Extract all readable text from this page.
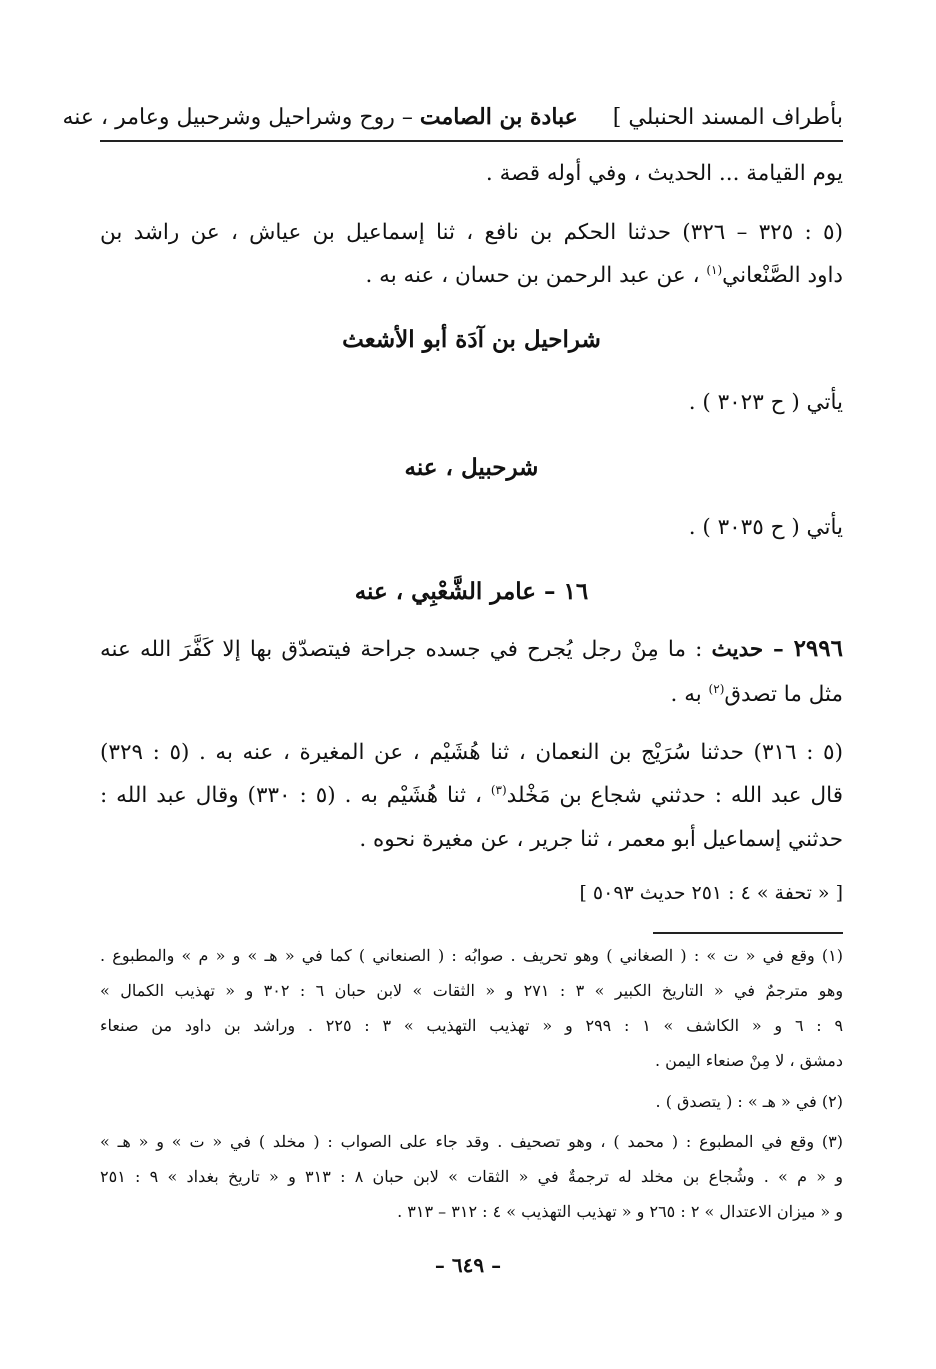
بأطراف المسند الحنبلي ]     عبادة بن الصامت – روح وشراحيل وشرحبيل وعامر ، عنه
يوم القيامة ... الحديث ، وفي أوله قصة .
(٥ : ٣٢٥ – ٣٢٦) حدثنا الحكم بن نافع ، ثنا إسماعيل بن عياش ، عن راشد بن
داود الصَّنْعاني$^{(١)}$ ، عن عبد الرحمن بن حسان ، عنه به .
شراحيل بن آدَة أبو الأشعث
يأتي ( ح ٣٠٢٣ ) .
شرحبيل ، عنه
يأتي ( ح ٣٠٣٥ ) .
١٦ – عامر الشَّعْبِي ، عنه
٢٩٩٦ – حديث : ما مِنْ رجل يُجرح في جسده جراحة فيتصدّق بها إلا كَفَّرَ الله عنه
مثل ما تصدق$^{(٢)}$ به .
(٥ : ٣١٦) حدثنا سُرَيْج بن النعمان ، ثنا هُشَيْم ، عن المغيرة ، عنه به . (٥ : ٣٢٩)
قال عبد الله : حدثني شجاع بن مَخْلد$^{(٣)}$ ، ثنا هُشَيْم به . (٥ : ٣٣٠) وقال عبد الله :
حدثني إسماعيل أبو معمر ، ثنا جرير ، عن مغيرة نحوه .
[ « تحفة » ٤ : ٢٥١ حديث ٥٠٩٣ ]
(١) وقع في « ت » : ( الصغاني ) وهو تحريف . صوابُه : ( الصنعاني ) كما في « هـ » و « م » والمطبوع .
وهو مترجمٌ في « التاريخ الكبير » ٣ : ٢٧١ و « الثقات » لابن حبان ٦ : ٣٠٢ و « تهذيب الكمال »
٩ : ٦ و « الكاشف » ١ : ٢٩٩ و « تهذيب التهذيب » ٣ : ٢٢٥ . وراشد بن داود من صنعاء
دمشق ، لا مِنْ صنعاء اليمن .
(٢) في « هـ » : ( يتصدق ) .
(٣) وقع في المطبوع : ( محمد ) ، وهو تصحيف . وقد جاء على الصواب : ( مخلد ) في « ت » و « هـ »
و « م » . وشُجاع بن مخلد له ترجمةٌ في « الثقات » لابن حبان ٨ : ٣١٣ و « تاريخ بغداد » ٩ : ٢٥١
و « ميزان الاعتدال » ٢ : ٢٦٥ و « تهذيب التهذيب » ٤ : ٣١٢ – ٣١٣ .
– ٦٤٩ –
